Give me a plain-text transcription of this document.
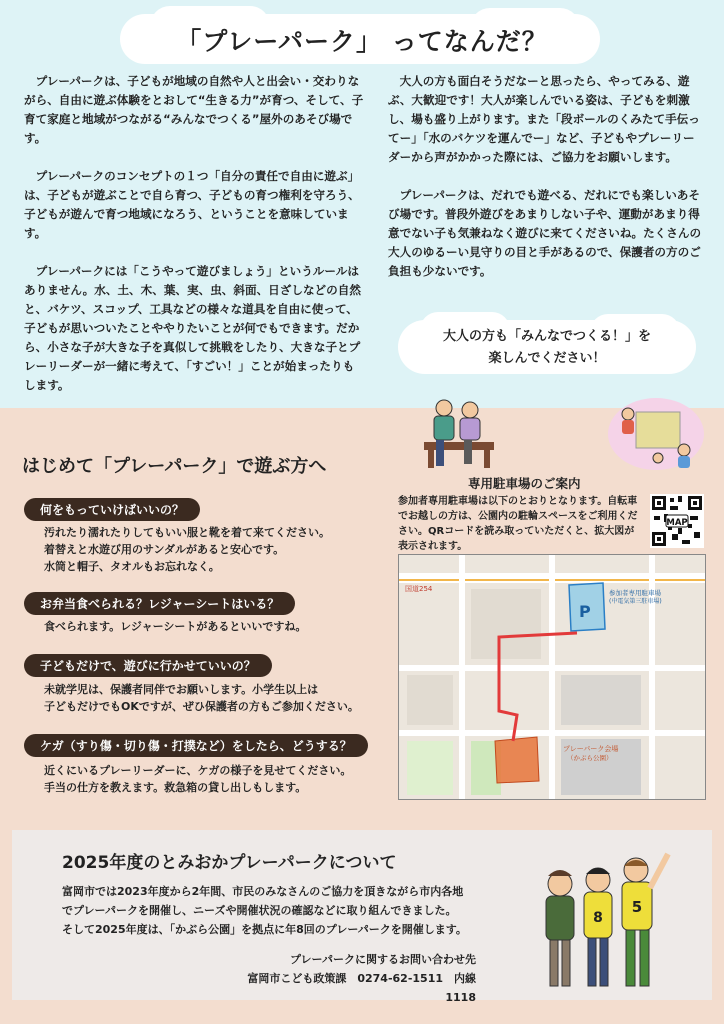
「プレーパーク」 ってなんだ？

プレーパークは、子どもが地域の自然や人と出会い・交わりながら、自由に遊ぶ体験をとおして“生きる力”が育つ、そして、子育て家庭と地域がつながる“みんなでつくる”屋外のあそび場です。

プレーパークのコンセプトの１つ「自分の責任で自由に遊ぶ」は、子どもが遊ぶことで自ら育つ、子どもの育つ権利を守ろう、子どもが遊んで育つ地域になろう、ということを意味しています。

プレーパークには「こうやって遊びましょう」というルールはありません。水、土、木、葉、実、虫、斜面、日ざしなどの自然と、バケツ、スコップ、工具などの様々な道具を自由に使って、子どもが思いついたことややりたいことが何でもできます。だから、小さな子が大きな子を真似して挑戦をしたり、大きな子とプレーリーダーが一緒に考えて、「すごい！」ことが始まったりもします。

大人の方も面白そうだなーと思ったら、やってみる、遊ぶ、大歓迎です！大人が楽しんでいる姿は、子どもを刺激し、場も盛り上がります。また「段ボールのくみたて手伝ってー」「水のバケツを運んでー」など、子どもやプレーリーダーから声がかかった際には、ご協力をお願いします。

プレーパークは、だれでも遊べる、だれにでも楽しいあそび場です。普段外遊びをあまりしない子や、運動があまり得意でない子も気兼ねなく遊びに来てくださいね。たくさんの大人のゆるーい見守りの目と手があるので、保護者の方のご負担も少ないです。

大人の方も「みんなでつくる！」を
楽しんでください！
はじめて「プレーパーク」で遊ぶ方へ
何をもっていけばいいの？
汚れたり濡れたりしてもいい服と靴を着て来てください。
着替えと水遊び用のサンダルがあると安心です。
水筒と帽子、タオルもお忘れなく。
お弁当食べられる？レジャーシートはいる？
食べられます。レジャーシートがあるといいですね。
子どもだけで、遊びに行かせていいの？
未就学児は、保護者同伴でお願いします。小学生以上は
子どもだけでもOKですが、ぜひ保護者の方もご参加ください。
ケガ（すり傷・切り傷・打撲など）をしたら、どうする？
近くにいるプレーリーダーに、ケガの様子を見せてください。
手当の仕方を教えます。救急箱の貸し出しもします。
専用駐車場のご案内
参加者専用駐車場は以下のとおりとなります。自転車でお越しの方は、公園内の駐輪スペースをご利用ください。QRコードを読み取っていただくと、拡大図が表示されます。
MAP
P
参加者専用駐車場
(中電気第三駐車場)
プレーパーク会場
（かぶら公園）
国道254
2025年度のとみおかプレーパークについて
富岡市では2023年度から2年間、市民のみなさんのご協力を頂きながら市内各地
でプレーパークを開催し、ニーズや開催状況の確認などに取り組んできました。
そして2025年度は、「かぶら公園」を拠点に年8回のプレーパークを開催します。
プレーパークに関するお問い合わせ先
富岡市こども政策課　0274-62-1511　内線1118
8
5
